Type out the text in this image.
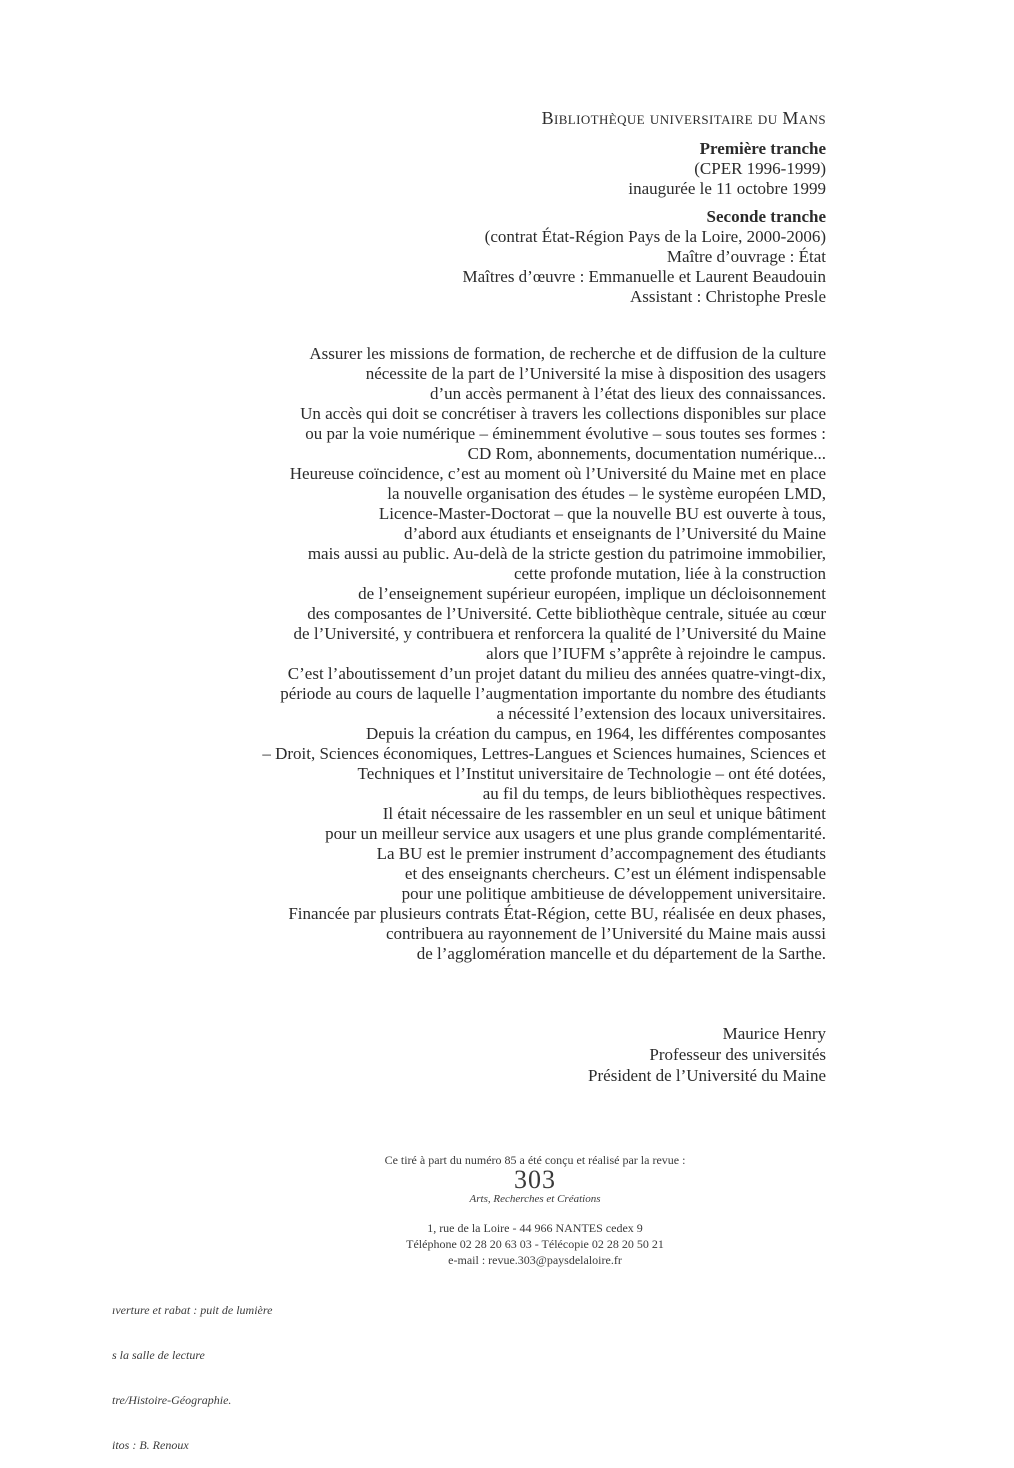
Bibliothèque universitaire du Mans
Première tranche
(CPER 1996-1999)
inaugurée le 11 octobre 1999
Seconde tranche
(contrat État-Région Pays de la Loire, 2000-2006)
Maître d’ouvrage : État
Maîtres d’œuvre : Emmanuelle et Laurent Beaudouin
Assistant : Christophe Presle
Assurer les missions de formation, de recherche et de diffusion de la culture
nécessite de la part de l’Université la mise à disposition des usagers
d’un accès permanent à l’état des lieux des connaissances.
Un accès qui doit se concrétiser à travers les collections disponibles sur place
ou par la voie numérique – éminemment évolutive – sous toutes ses formes :
CD Rom, abonnements, documentation numérique...
Heureuse coïncidence, c’est au moment où l’Université du Maine met en place
la nouvelle organisation des études – le système européen LMD,
Licence-Master-Doctorat – que la nouvelle BU est ouverte à tous,
d’abord aux étudiants et enseignants de l’Université du Maine
mais aussi au public. Au-delà de la stricte gestion du patrimoine immobilier,
cette profonde mutation, liée à la construction
de l’enseignement supérieur européen, implique un décloisonnement
des composantes de l’Université. Cette bibliothèque centrale, située au cœur
de l’Université, y contribuera et renforcera la qualité de l’Université du Maine
alors que l’IUFM s’apprête à rejoindre le campus.
C’est l’aboutissement d’un projet datant du milieu des années quatre-vingt-dix,
période au cours de laquelle l’augmentation importante du nombre des étudiants
a nécessité l’extension des locaux universitaires.
Depuis la création du campus, en 1964, les différentes composantes
– Droit, Sciences économiques, Lettres-Langues et Sciences humaines, Sciences et
Techniques et l’Institut universitaire de Technologie – ont été dotées,
au fil du temps, de leurs bibliothèques respectives.
Il était nécessaire de les rassembler en un seul et unique bâtiment
pour un meilleur service aux usagers et une plus grande complémentarité.
La BU est le premier instrument d’accompagnement des étudiants
et des enseignants chercheurs. C’est un élément indispensable
pour une politique ambitieuse de développement universitaire.
Financée par plusieurs contrats État-Région, cette BU, réalisée en deux phases,
contribuera au rayonnement de l’Université du Maine mais aussi
de l’agglomération mancelle et du département de la Sarthe.
Maurice Henry
Professeur des universités
Président de l’Université du Maine
Ce tiré à part du numéro 85 a été conçu et réalisé par la revue :
303
Arts, Recherches et Créations
1, rue de la Loire - 44 966 NANTES cedex 9
Téléphone 02 28 20 63 03 - Télécopie 02 28 20 50 21
e-mail : revue.303@paysdelaloire.fr

ıverture et rabat : puit de lumière

s la salle de lecture

tre/Histoire-Géographie.

itos : B. Renoux
